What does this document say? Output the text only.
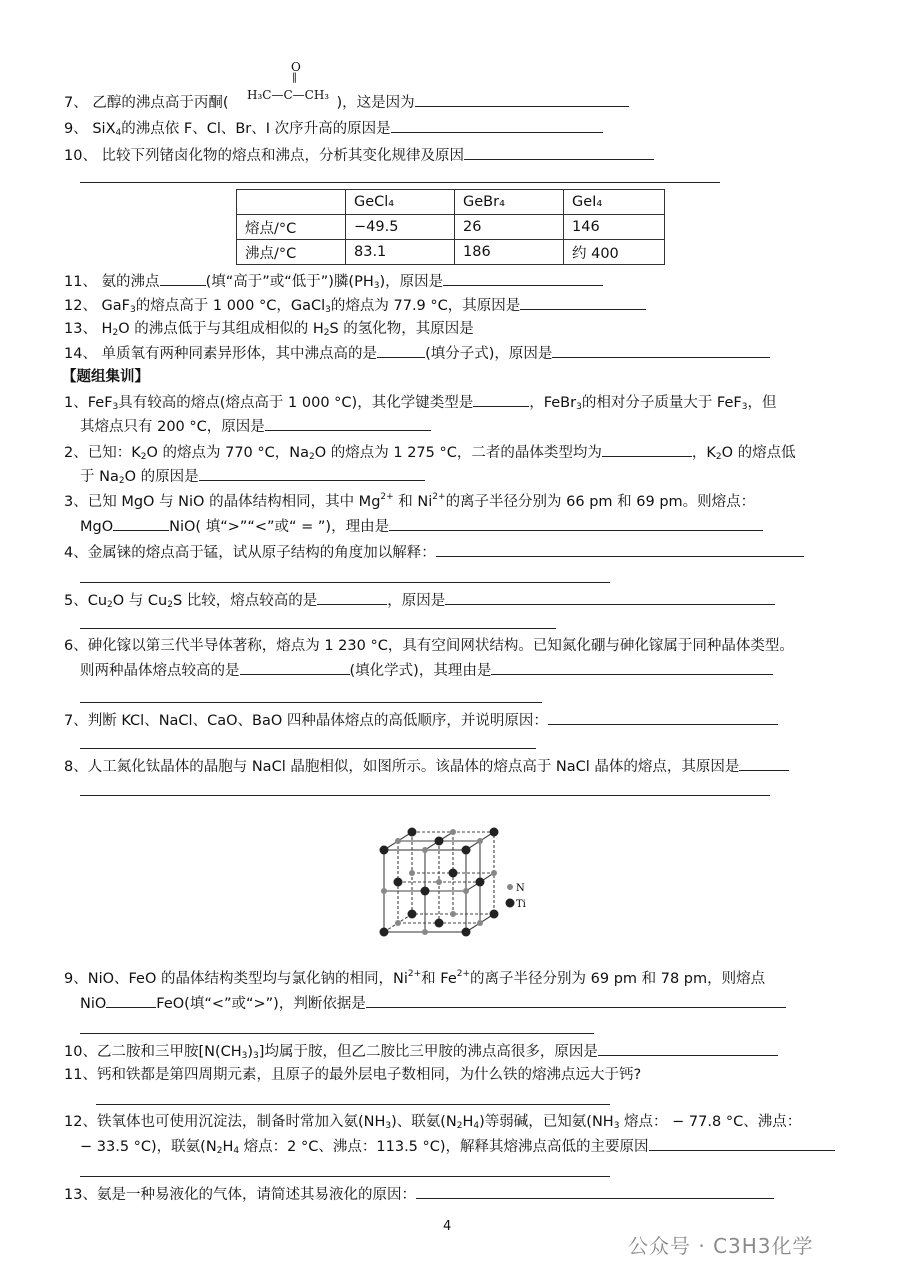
7、 乙醇的沸点高于丙酮(	)，这是因为
O
‖
H₃C—C—CH₃
9、 SiX$_4$的沸点依 F、Cl、Br、I 次序升高的原因是
10、 比较下列锗卤化物的熔点和沸点，分析其变化规律及原因
	GeCl₄	GeBr₄	GeI₄
熔点/°C	−49.5	26	146
沸点/°C	83.1	186	约 400
11、 氨的沸点	(填“高于”或“低于”)膦$(PH_3)$，原因是
12、 GaF$_3$的熔点高于 1 000 °C，GaCl$_3$的熔点为 77.9 °C，其原因是
13、 $H_2O$ 的沸点低于与其组成相似的 $H_2S$ 的氢化物，其原因是
14、 单质氧有两种同素异形体，其中沸点高的是	(填分子式)，原因是
【题组集训】
1、FeF$_3$具有较高的熔点(熔点高于 1 000 °C)，其化学键类型是	，FeBr$_3$的相对分子质量大于 FeF$_3$，但
其熔点只有 200 °C，原因是
2、已知：$K_2O$ 的熔点为 770 °C，$Na_2O$ 的熔点为 1 275 °C，二者的晶体类型均为	，$K_2O$ 的熔点低
于 $Na_2O$ 的原因是
3、已知 MgO 与 NiO 的晶体结构相同，其中 $Mg^{2+}$ 和 $Ni^{2+}$的离子半径分别为 66 pm 和 69 pm。则熔点：
MgO	NiO( 填“>”“<”或“ = ”)，理由是
4、金属铼的熔点高于锰，试从原子结构的角度加以解释：
5、$Cu_2O$ 与 $Cu_2S$ 比较，熔点较高的是	，原因是
6、砷化镓以第三代半导体著称，熔点为 1 230 °C，具有空间网状结构。已知氮化硼与砷化镓属于同种晶体类型。
则两种晶体熔点较高的是	(填化学式)，其理由是
7、判断 KCl、NaCl、CaO、BaO 四种晶体熔点的高低顺序，并说明原因：
8、人工氮化钛晶体的晶胞与 NaCl 晶胞相似，如图所示。该晶体的熔点高于 NaCl 晶体的熔点，其原因是
N
Ti
9、NiO、FeO 的晶体结构类型均与氯化钠的相同，$Ni^{2+}$和 $Fe^{2+}$的离子半径分别为 69 pm 和 78 pm，则熔点
NiO	FeO(填“<”或“>”)，判断依据是
10、乙二胺和三甲胺$[N(CH_3)_3]$均属于胺，但乙二胺比三甲胺的沸点高很多，原因是
11、钙和铁都是第四周期元素，且原子的最外层电子数相同，为什么铁的熔沸点远大于钙?
12、铁氧体也可使用沉淀法，制备时常加入氨$(NH_3)$、联氨$(N_2H_4)$等弱碱，已知氨($NH_3$ 熔点： − 77.8 °C、沸点：
− 33.5 °C)，联氨($N_2H_4$ 熔点：2 °C、沸点：113.5 °C)，解释其熔沸点高低的主要原因
13、氨是一种易液化的气体，请简述其易液化的原因：
4
公众号 · C3H3化学
